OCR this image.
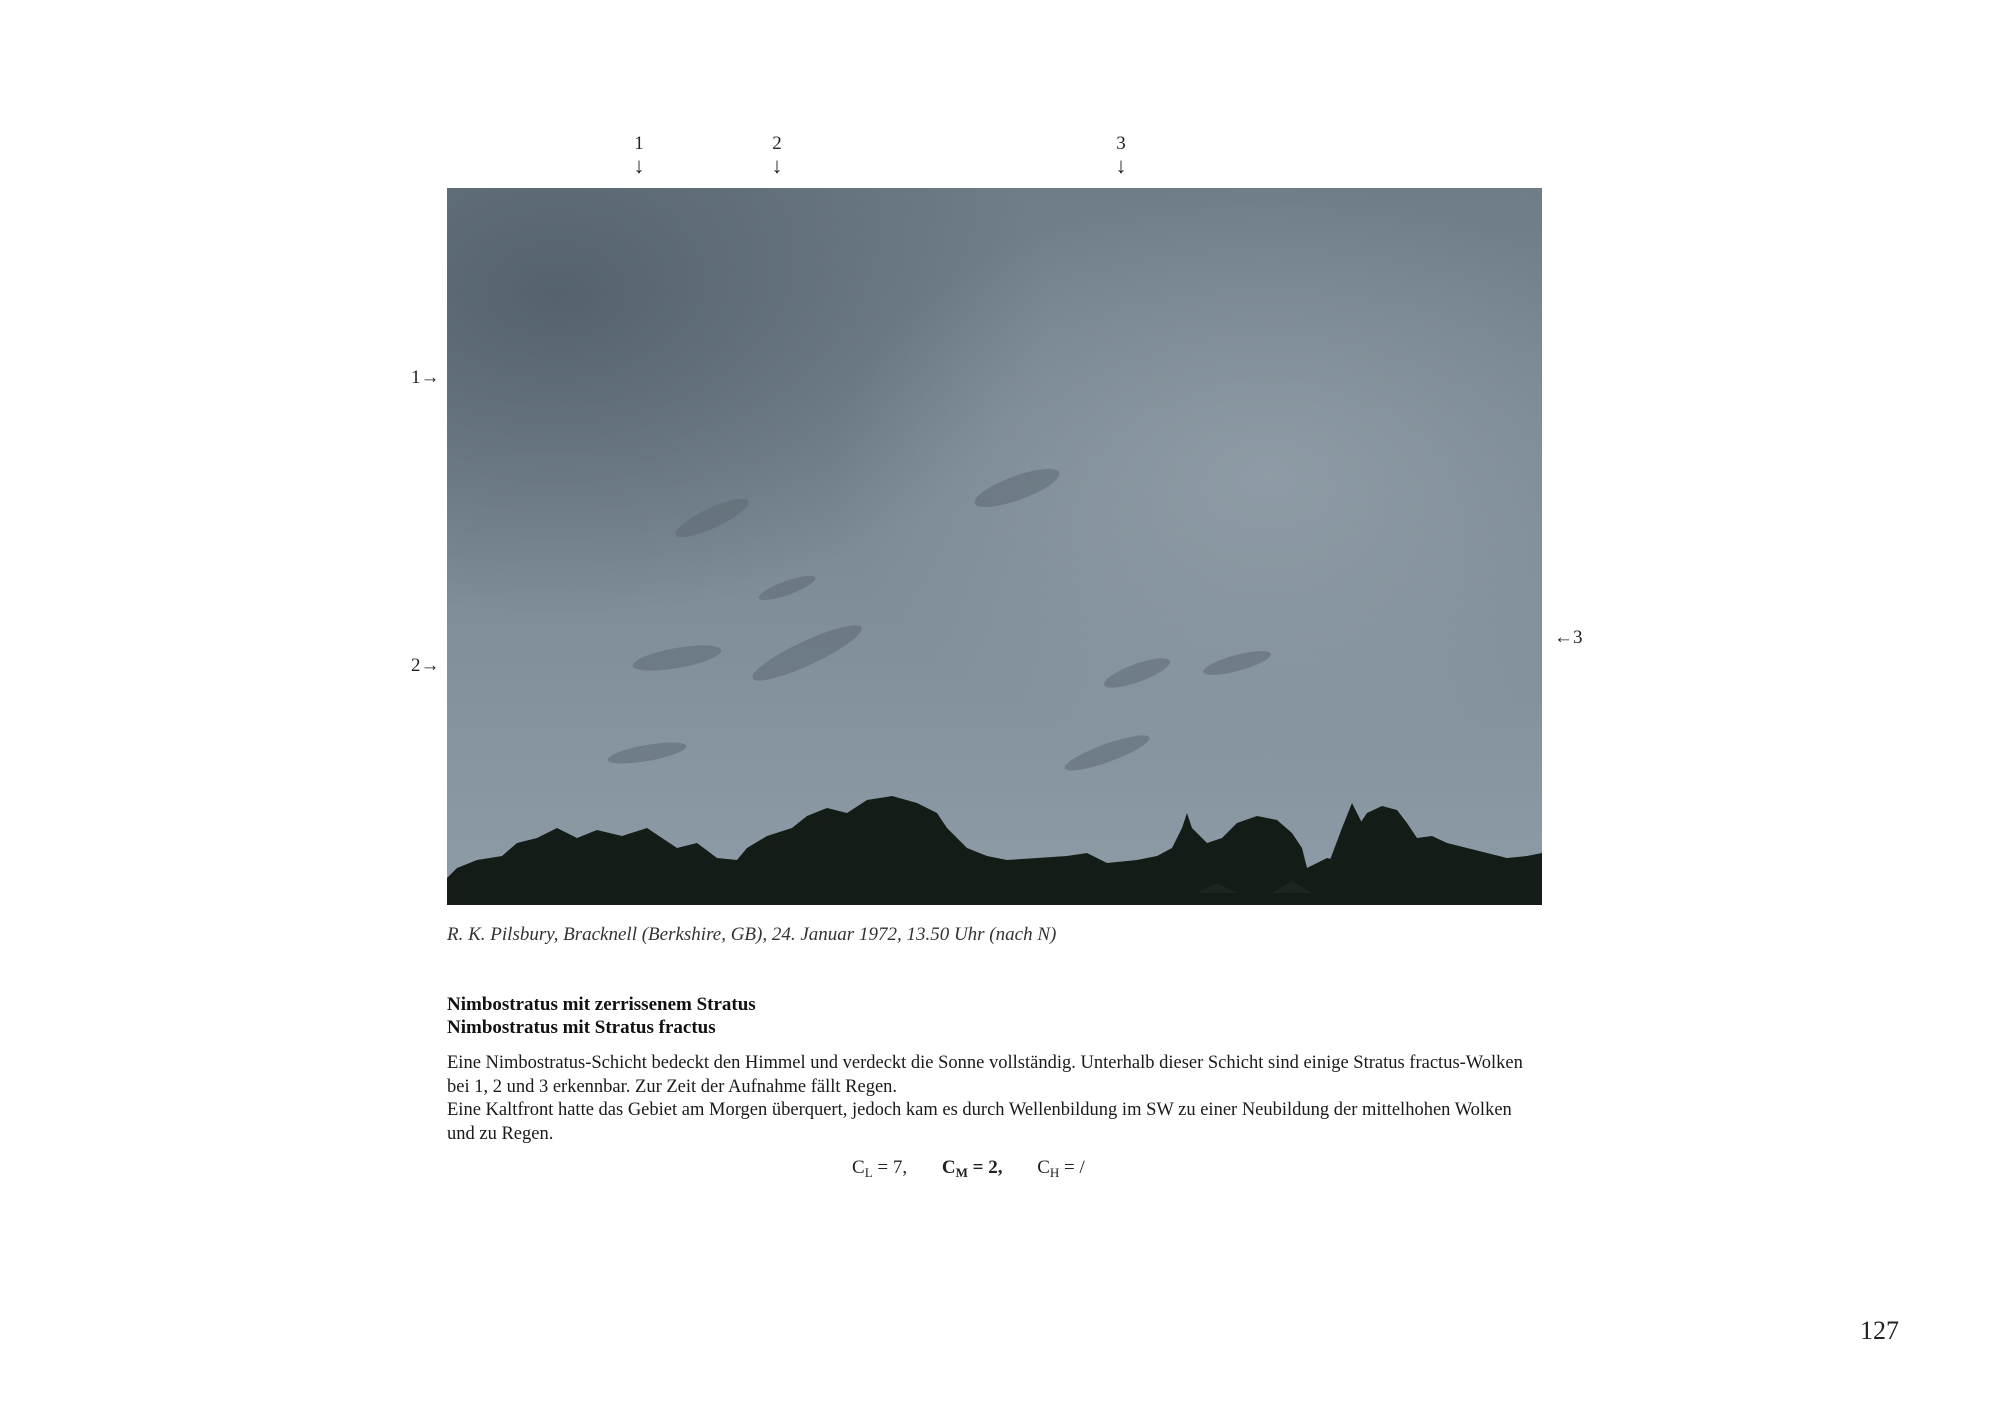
1
↓
2
↓
3
↓
1→
2→
←3
R. K. Pilsbury, Bracknell (Berkshire, GB), 24. Januar 1972, 13.50 Uhr (nach N)
Nimbostratus mit zerrissenem Stratus
Nimbostratus mit Stratus fractus

Eine Nimbostratus-Schicht bedeckt den Himmel und verdeckt die Sonne vollständig. Unterhalb dieser Schicht sind einige Stratus fractus-Wolken bei 1, 2 und 3 erkennbar. Zur Zeit der Aufnahme fällt Regen.

Eine Kaltfront hatte das Gebiet am Morgen überquert, jedoch kam es durch Wellenbildung im SW zu einer Neubildung der mittelhohen Wolken und zu Regen.

$C_L = 7$, $C_M = 2$, $C_H$ = /
127
